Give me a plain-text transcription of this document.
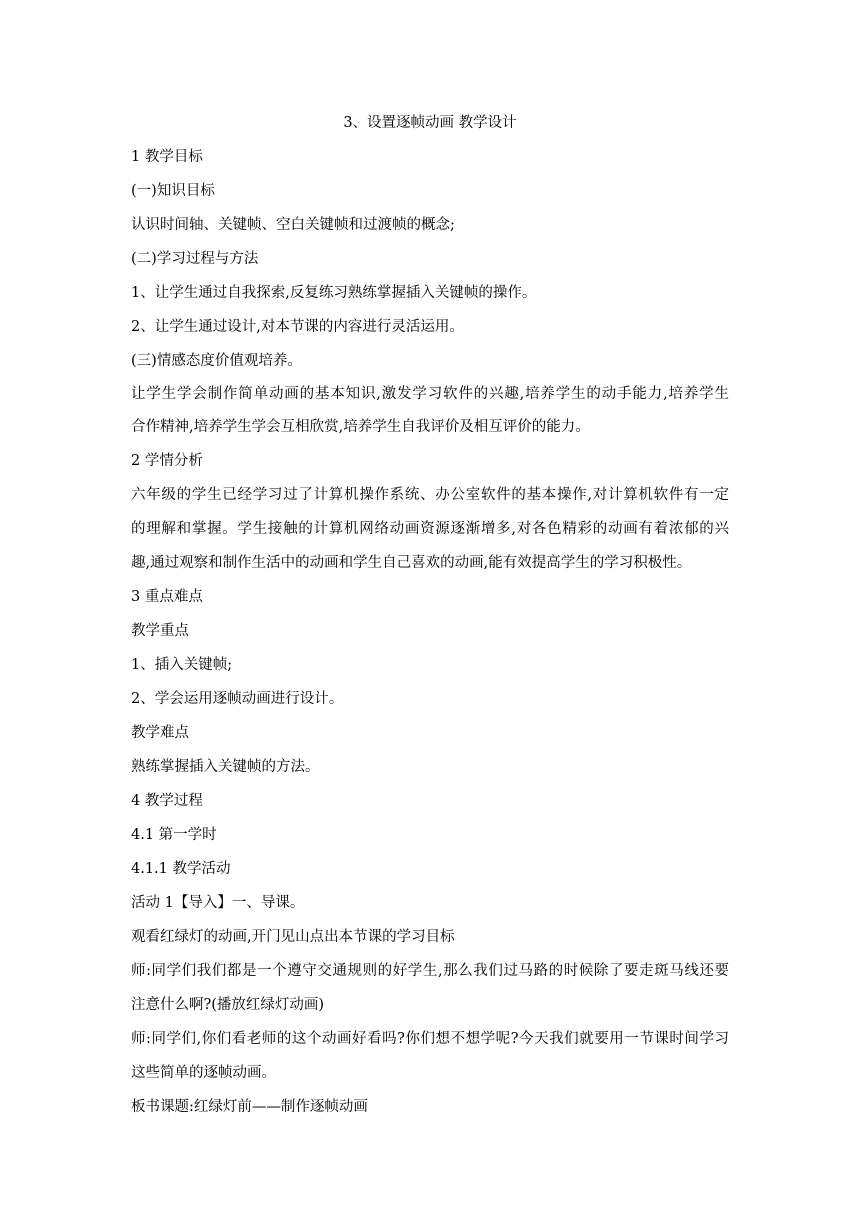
3、设置逐帧动画 教学设计
1 教学目标
(一)知识目标
认识时间轴、关键帧、空白关键帧和过渡帧的概念;
(二)学习过程与方法
1、让学生通过自我探索,反复练习熟练掌握插入关键帧的操作。
2、让学生通过设计,对本节课的内容进行灵活运用。
(三)情感态度价值观培养。
让学生学会制作简单动画的基本知识,激发学习软件的兴趣,培养学生的动手能力,培养学生
合作精神,培养学生学会互相欣赏,培养学生自我评价及相互评价的能力。
2 学情分析
六年级的学生已经学习过了计算机操作系统、办公室软件的基本操作,对计算机软件有一定
的理解和掌握。学生接触的计算机网络动画资源逐渐增多,对各色精彩的动画有着浓郁的兴
趣,通过观察和制作生活中的动画和学生自己喜欢的动画,能有效提高学生的学习积极性。
3 重点难点
教学重点
1、插入关键帧;
2、学会运用逐帧动画进行设计。
教学难点
熟练掌握插入关键帧的方法。
4 教学过程
4.1 第一学时
4.1.1 教学活动
活动 1【导入】一、导课。
观看红绿灯的动画,开门见山点出本节课的学习目标
师:同学们我们都是一个遵守交通规则的好学生,那么我们过马路的时候除了要走斑马线还要
注意什么啊?(播放红绿灯动画)
师:同学们,你们看老师的这个动画好看吗?你们想不想学呢?今天我们就要用一节课时间学习
这些简单的逐帧动画。
板书课题:红绿灯前——制作逐帧动画
